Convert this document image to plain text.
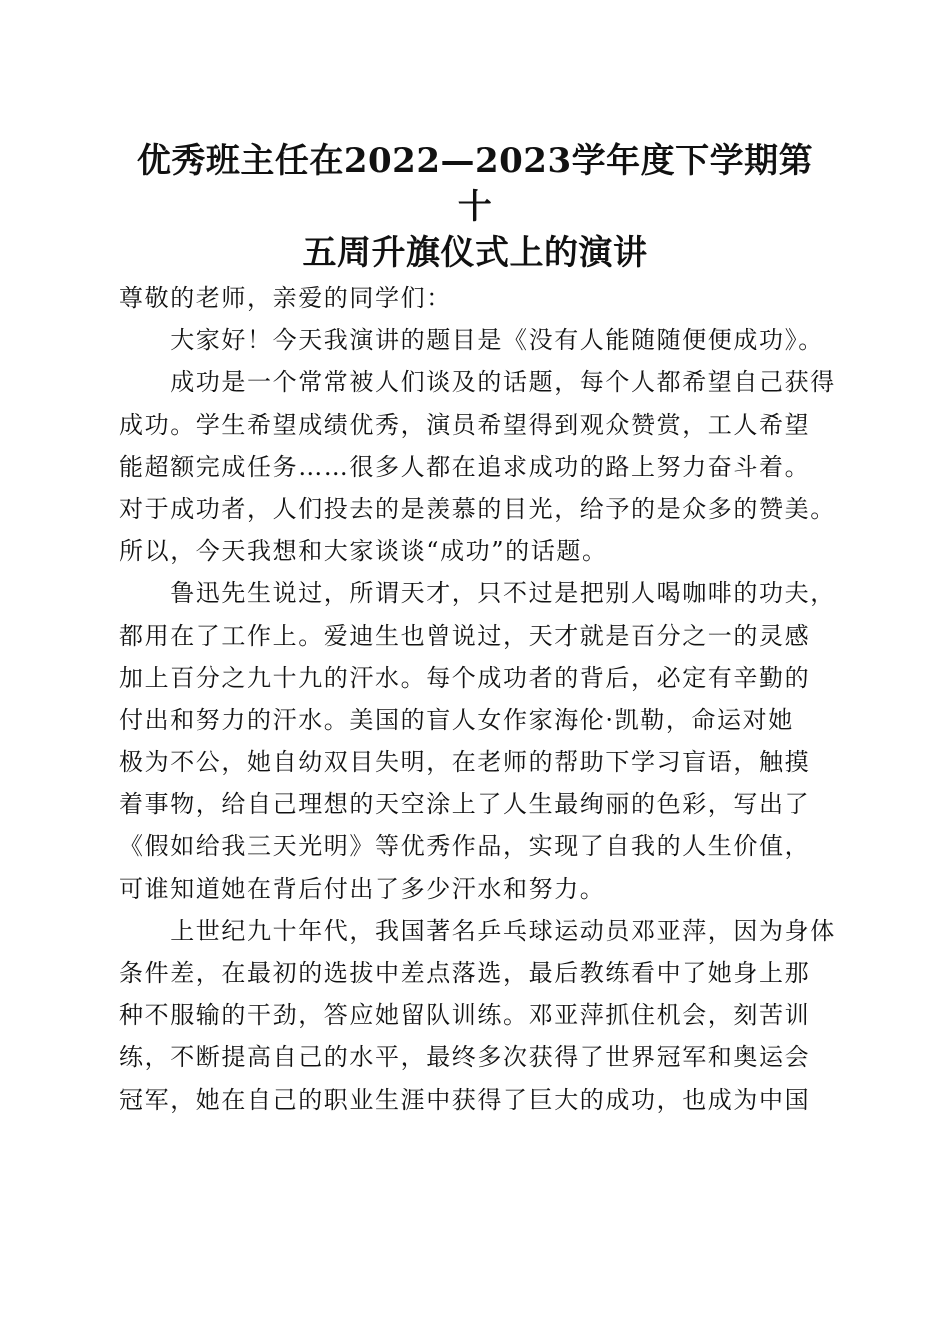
优秀班主任在2022—2023学年度下学期第十
五周升旗仪式上的演讲
尊敬的老师，亲爱的同学们：
　　大家好！今天我演讲的题目是《没有人能随随便便成功》。
　　成功是一个常常被人们谈及的话题，每个人都希望自己获得
成功。学生希望成绩优秀，演员希望得到观众赞赏，工人希望
能超额完成任务……很多人都在追求成功的路上努力奋斗着。
对于成功者，人们投去的是羡慕的目光，给予的是众多的赞美。
所以，今天我想和大家谈谈“成功”的话题。
　　鲁迅先生说过，所谓天才，只不过是把别人喝咖啡的功夫，
都用在了工作上。爱迪生也曾说过，天才就是百分之一的灵感
加上百分之九十九的汗水。每个成功者的背后，必定有辛勤的
付出和努力的汗水。美国的盲人女作家海伦·凯勒，命运对她
极为不公，她自幼双目失明，在老师的帮助下学习盲语，触摸
着事物，给自己理想的天空涂上了人生最绚丽的色彩，写出了
《假如给我三天光明》等优秀作品，实现了自我的人生价值，
可谁知道她在背后付出了多少汗水和努力。
　　上世纪九十年代，我国著名乒乓球运动员邓亚萍，因为身体
条件差，在最初的选拔中差点落选，最后教练看中了她身上那
种不服输的干劲，答应她留队训练。邓亚萍抓住机会，刻苦训
练，不断提高自己的水平，最终多次获得了世界冠军和奥运会
冠军，她在自己的职业生涯中获得了巨大的成功，也成为中国
